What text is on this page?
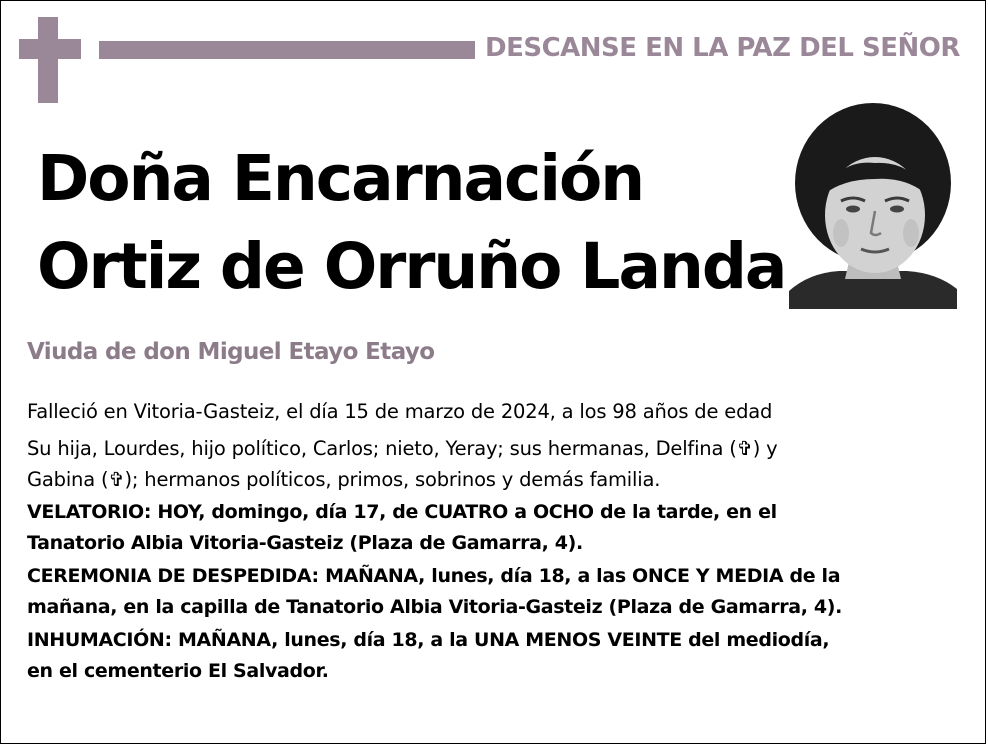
DESCANSE EN LA PAZ DEL SEÑOR
Doña Encarnación
Ortiz de Orruño Landa
Viuda de don Miguel Etayo Etayo

Falleció en Vitoria-Gasteiz, el día 15 de marzo de 2024, a los 98 años de edad

Su hija, Lourdes, hijo político, Carlos; nieto, Yeray; sus hermanas, Delfina (✞) y

Gabina (✞); hermanos políticos, primos, sobrinos y demás familia.

VELATORIO: HOY, domingo, día 17, de CUATRO a OCHO de la tarde, en el

Tanatorio Albia Vitoria-Gasteiz (Plaza de Gamarra, 4).

CEREMONIA DE DESPEDIDA: MAÑANA, lunes, día 18, a las ONCE Y MEDIA de la

mañana, en la capilla de Tanatorio Albia Vitoria-Gasteiz (Plaza de Gamarra, 4).

INHUMACIÓN: MAÑANA, lunes, día 18, a la UNA MENOS VEINTE del mediodía,

en el cementerio El Salvador.
